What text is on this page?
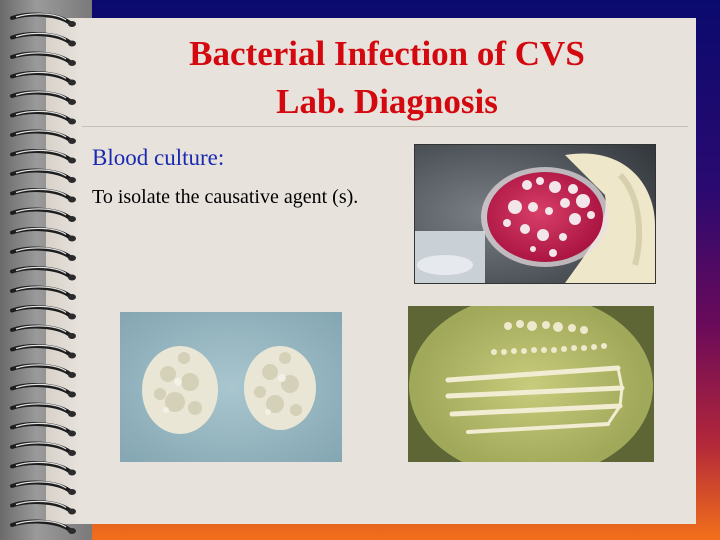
Bacterial Infection of CVS
Lab. Diagnosis

Blood culture:

To isolate the causative agent (s).
